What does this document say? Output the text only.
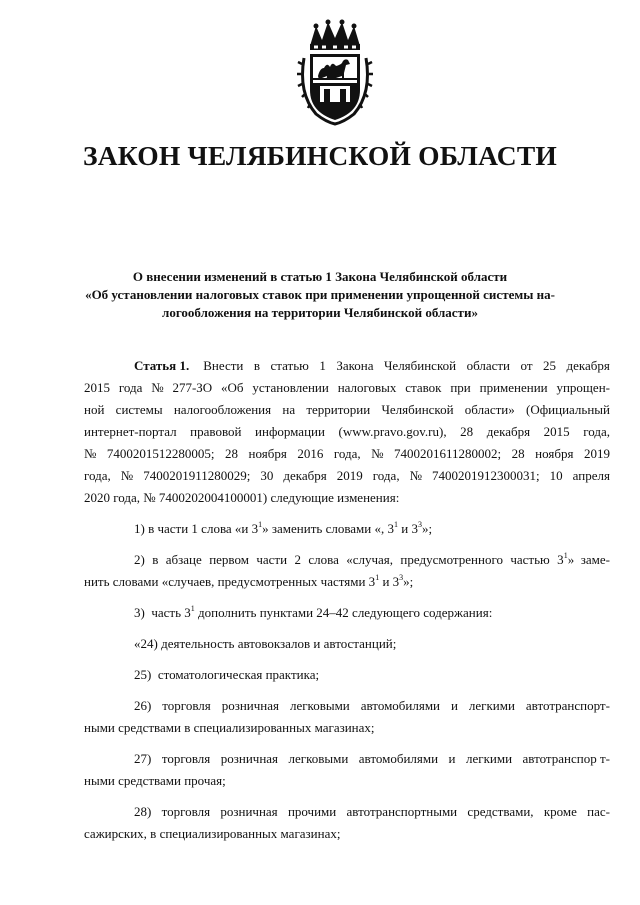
ЗАКОН ЧЕЛЯБИНСКОЙ ОБЛАСТИ
О внесении изменений в статью 1 Закона Челябинской области
«Об установлении налоговых ставок при применении упрощенной системы на-
логообложения на территории Челябинской области»
Статья 1. Внести в статью 1 Закона Челябинской области от 25 декабря
2015 года № 277-ЗО «Об установлении налоговых ставок при применении упрощен-
ной системы налогообложения на территории Челябинской области» (Официальный
интернет-портал правовой информации (www.pravo.gov.ru), 28 декабря 2015 года,
№ 7400201512280005; 28 ноября 2016 года, № 7400201611280002; 28 ноября 2019
года, № 7400201911280029; 30 декабря 2019 года, № 7400201912300031; 10 апреля
2020 года, № 7400202004100001) следующие изменения:
1) в части 1 слова «и $3^1$» заменить словами «, $3^1$ и $3^3$»;
2) в абзаце первом части 2 слова «случая, предусмотренного частью 3 $^1$»  заме-
нить словами «случаев, предусмотренных частями $3^1$ и $3^3$»;
3)  часть $3^1$ дополнить пунктами 24–42 следующего содержания:
«24) деятельность автовокзалов и автостанций;
25)  стоматологическая практика;
26) торговля розничная легковыми автомобилями и легкими автотранспорт-
ными средствами в специализированных магазинах;
27) торговля розничная легковыми автомобилями и легкими автотранспор т-
ными средствами прочая;
28) торговля розничная прочими автотранспортными средствами, кроме пас-
сажирских, в специализированных магазинах;
